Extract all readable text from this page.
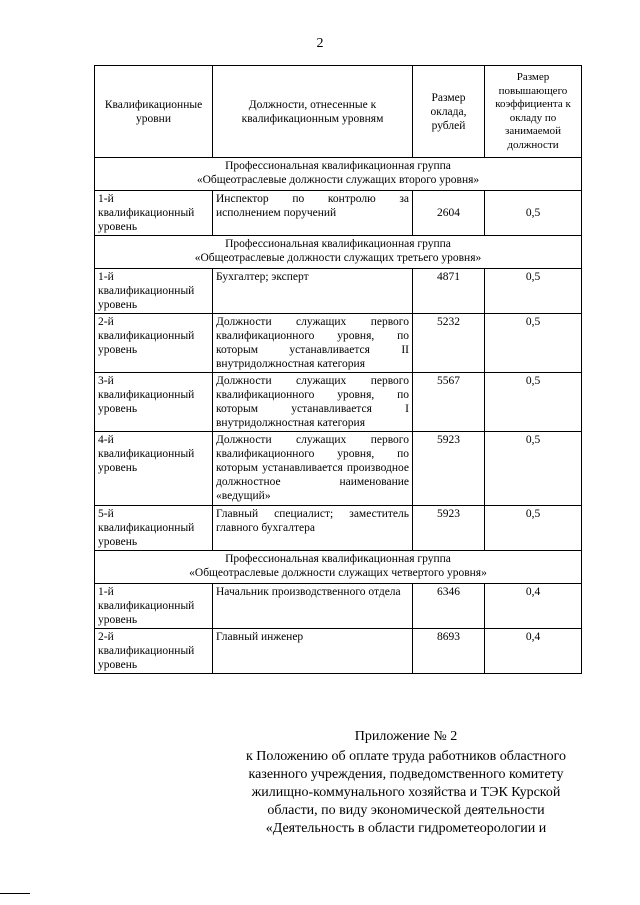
2
Квалификационные уровни	Должности, отнесенные к квалификационным уровням	Размер оклада, рублей	Размер повышающего коэффициента к окладу по занимаемой должности

Профессиональная квалификационная группа
«Общеотраслевые должности служащих второго уровня»			

1-й квалификационный уровень	Инспектор по контролю за исполнением поручений	2604	0,5

Профессиональная квалификационная группа
«Общеотраслевые должности служащих третьего уровня»			

1-й квалификационный уровень	Бухгалтер; эксперт	4871	0,5
2-й квалификационный уровень	Должности служащих первого квалификационного уровня, по которым устанавливается II внутридолжностная категория	5232	0,5
3-й квалификационный уровень	Должности служащих первого квалификационного уровня, по которым устанавливается I внутридолжностная категория	5567	0,5
4-й квалификационный уровень	Должности служащих первого квалификационного уровня, по которым устанавливается производное должностное наименование «ведущий»	5923	0,5
5-й квалификационный уровень	Главный специалист; заместитель главного бухгалтера	5923	0,5

Профессиональная квалификационная группа
«Общеотраслевые должности служащих четвертого уровня»			

1-й квалификационный уровень	Начальник производственного отдела	6346	0,4
2-й квалификационный уровень	Главный инженер	8693	0,4
Приложение № 2
к Положению об оплате труда работников областного
казенного учреждения, подведомственного комитету
жилищно-коммунального хозяйства и ТЭК Курской
области, по виду экономической деятельности
«Деятельность в области гидрометеорологии и
